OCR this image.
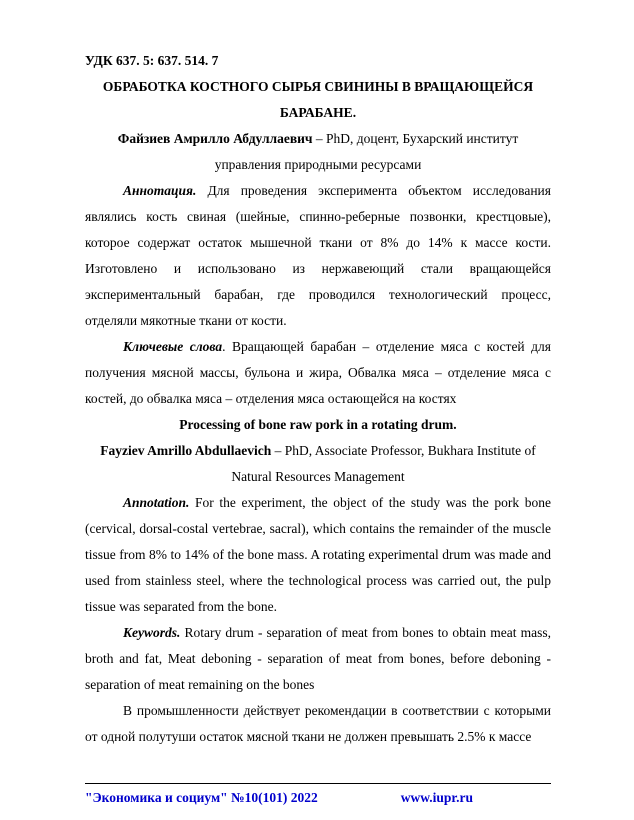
УДК 637. 5: 637. 514. 7

ОБРАБОТКА КОСТНОГО СЫРЬЯ СВИНИНЫ В ВРАЩАЮЩЕЙСЯ БАРАБАНЕ.

Файзиев Амрилло Абдуллаевич – PhD, доцент, Бухарский институт управления природными ресурсами

Аннотация. Для проведения эксперимента объектом исследования являлись кость свиная (шейные, спинно-реберные позвонки, крестцовые), которое содержат остаток мышечной ткани от 8% до 14% к массе кости. Изготовлено и использовано из нержавеющий стали вращающейся экспериментальный барабан, где проводился технологический процесс, отделяли мякотные ткани от кости.

Ключевые слова. Вращающей барабан – отделение мяса с костей для получения мясной массы, бульона и жира, Обвалка мяса – отделение мяса с костей, до обвалка мяса – отделения мяса остающейся на костях

Processing of bone raw pork in a rotating drum.

Fayziev Amrillo Abdullaevich – PhD, Associate Professor, Bukhara Institute of Natural Resources Management

Annotation. For the experiment, the object of the study was the pork bone (cervical, dorsal-costal vertebrae, sacral), which contains the remainder of the muscle tissue from 8% to 14% of the bone mass. A rotating experimental drum was made and used from stainless steel, where the technological process was carried out, the pulp tissue was separated from the bone.

Keywords. Rotary drum - separation of meat from bones to obtain meat mass, broth and fat, Meat deboning - separation of meat from bones, before deboning - separation of meat remaining on the bones

В промышленности действует рекомендации в соответствии с которыми от одной полутуши остаток мясной ткани не должен превышать 2.5% к массе

"Экономика и социум" №10(101) 2022	www.iupr.ru
